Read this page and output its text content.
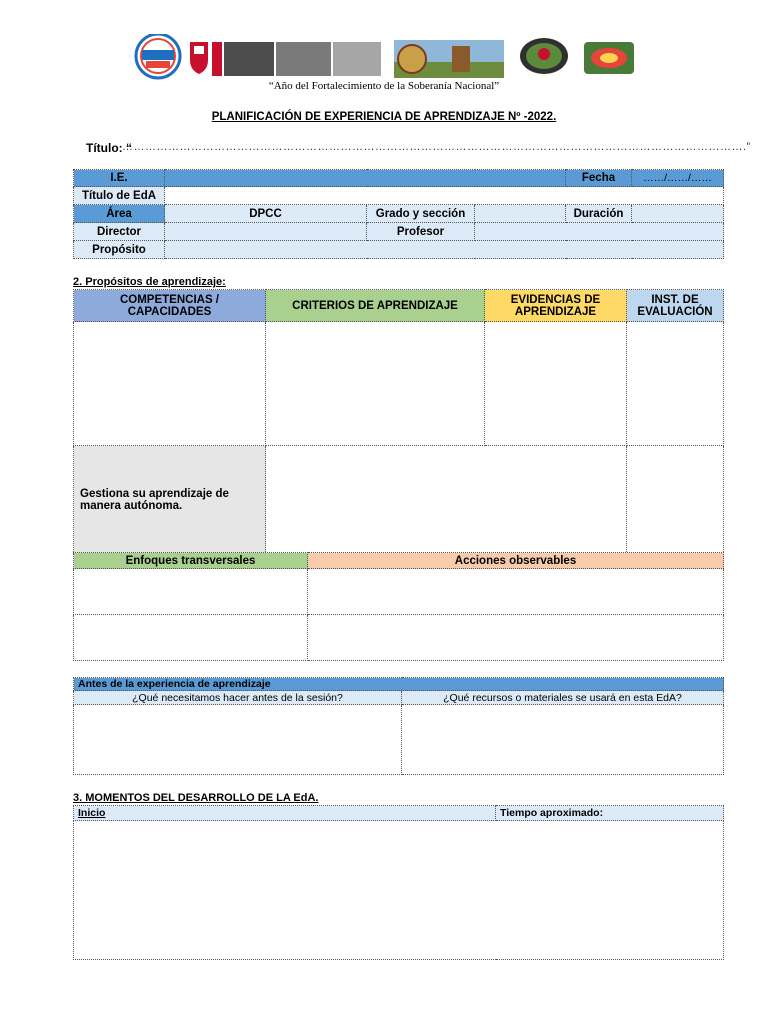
“Año del Fortalecimiento de la Soberanía Nacional”
PLANIFICACIÓN DE EXPERIENCIA DE APRENDIZAJE Nº -2022.
Título: “
……………………………………………………………………………………………………………………………………………….”
I.E.				Fecha	……/……/……
Título de EdA					
Área	DPCC	Grado y sección		Duración	
Director		Profesor			
Propósito					
2. Propósitos de aprendizaje:
COMPETENCIAS / CAPACIDADES	CRITERIOS DE APRENDIZAJE	EVIDENCIAS DE APRENDIZAJE	INST. DE EVALUACIÓN

Gestiona su aprendizaje de manera autónoma.			
Enfoques transversales	Acciones observables

Antes de la experiencia de aprendizaje	
¿Qué necesitamos hacer antes de la sesión?	¿Qué recursos o materiales se usará en esta EdA?

3. MOMENTOS DEL DESARROLLO DE LA EdA.
Inicio	Tiempo aproximado:
